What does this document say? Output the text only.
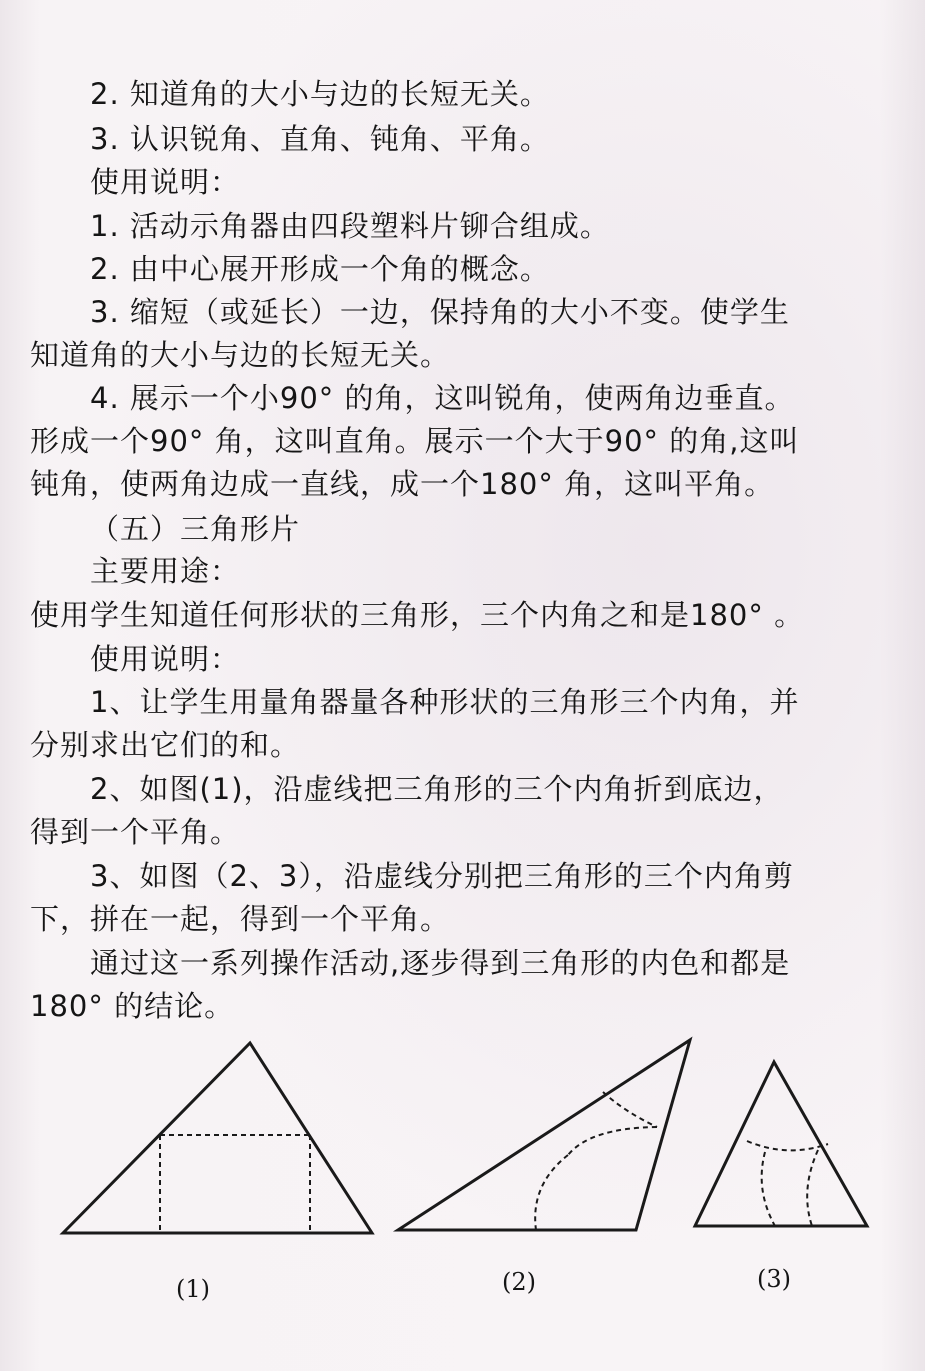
2. 知道角的大小与边的长短无关。
3. 认识锐角、直角、钝角、平角。
使用说明：
1. 活动示角器由四段塑料片铆合组成。
2. 由中心展开形成一个角的概念。
3. 缩短（或延长）一边，保持角的大小不变。使学生
知道角的大小与边的长短无关。
4. 展示一个小90° 的角，这叫锐角，使两角边垂直。
形成一个90° 角，这叫直角。展示一个大于90° 的角,这叫
钝角，使两角边成一直线，成一个180° 角，这叫平角。
（五）三角形片
主要用途：
使用学生知道任何形状的三角形，三个内角之和是180° 。
使用说明：
1、让学生用量角器量各种形状的三角形三个内角，并
分别求出它们的和。
2、如图(1)，沿虚线把三角形的三个内角折到底边，
得到一个平角。
3、如图（2、3），沿虚线分别把三角形的三个内角剪
下，拼在一起，得到一个平角。
通过这一系列操作活动,逐步得到三角形的内色和都是
180° 的结论。
(1)	(2)	(3)
